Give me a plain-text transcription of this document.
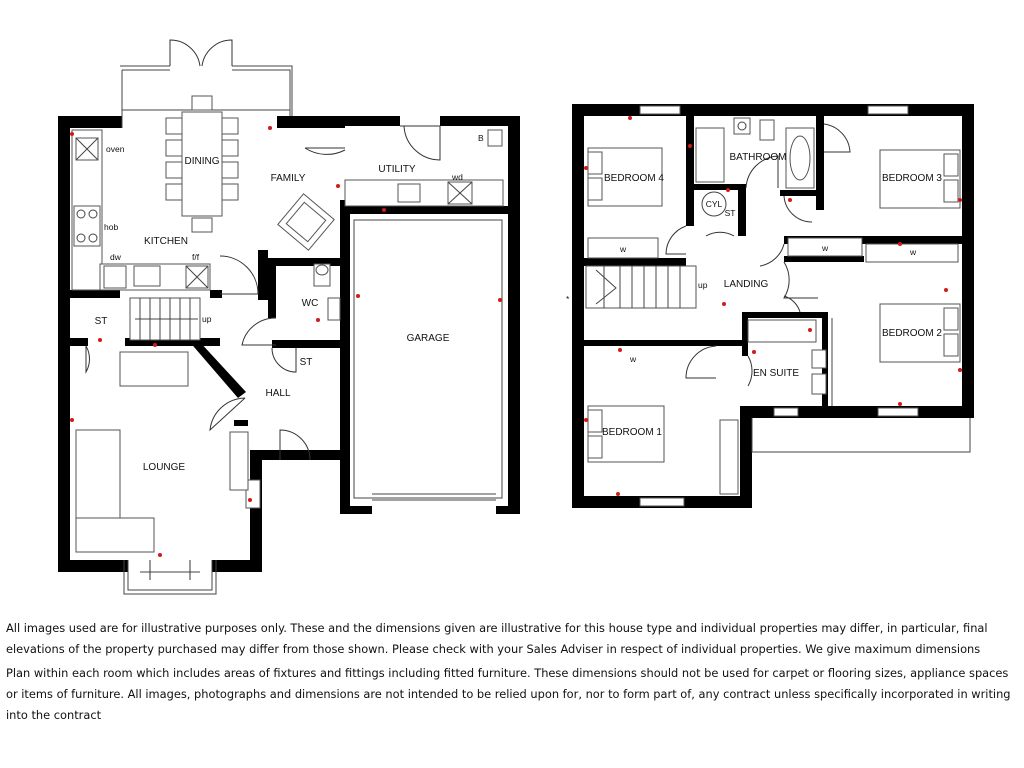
DINING
FAMILY
UTILITY
KITCHEN
GARAGE
WC
ST
ST
HALL
LOUNGE
oven
hob
dw	f/f
wd
B
up
*
BEDROOM 4
BATHROOM
BEDROOM 3
CYL
ST
LANDING
BEDROOM 2
EN SUITE
BEDROOM 1
up
w	w	w
w

All images used are for illustrative purposes only. These and the dimensions given are illustrative for this house type and individual properties may differ, in particular, final elevations of the property purchased may differ from those shown. Please check with your Sales Adviser in respect of individual properties. We give maximum dimensions

Plan within each room which includes areas of fixtures and fittings including fitted furniture. These dimensions should not be used for carpet or flooring sizes, appliance spaces or items of furniture. All images, photographs and dimensions are not intended to be relied upon for, nor to form part of, any contract unless specifically incorporated in writing into the contract
